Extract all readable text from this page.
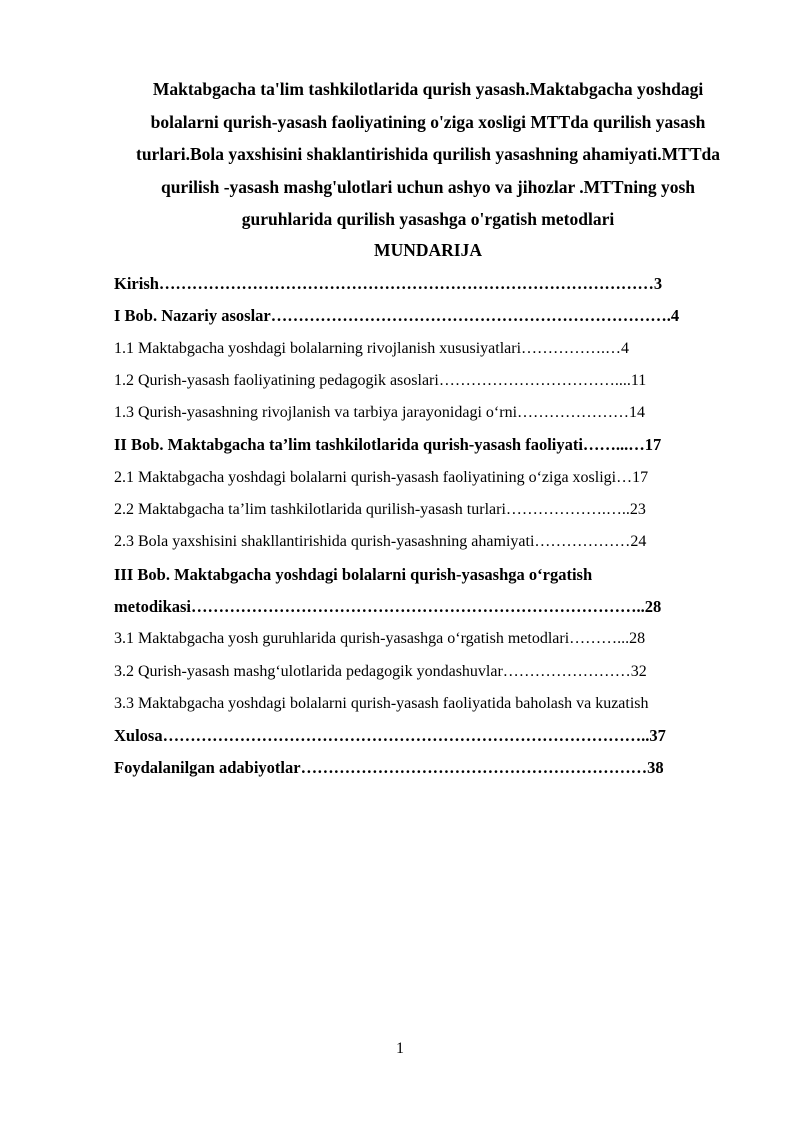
Maktabgacha ta'lim tashkilotlarida qurish yasash.Maktabgacha yoshdagi
bolalarni qurish-yasash faoliyatining o'ziga xosligi MTTda qurilish yasash
turlari.Bola yaxshisini shaklantirishida qurilish yasashning ahamiyati.MTTda
qurilish -yasash mashg'ulotlari uchun ashyo va jihozlar .MTTning yosh
guruhlarida qurilish yasashga o'rgatish metodlari
MUNDARIJA
Kirish………………………………………………………………………………3
I Bob. Nazariy asoslar……………………………………………………………….4
1.1 Maktabgacha yoshdagi bolalarning rivojlanish xususiyatlari…………….…4
1.2 Qurish-yasash faoliyatining pedagogik asoslari……………………………....11
1.3 Qurish-yasashning rivojlanish va tarbiya jarayonidagi o‘rni…………………14
II Bob. Maktabgacha ta’lim tashkilotlarida qurish-yasash faoliyati……...…17
2.1 Maktabgacha yoshdagi bolalarni qurish-yasash faoliyatining o‘ziga xosligi…17
2.2 Maktabgacha ta’lim tashkilotlarida qurilish-yasash turlari……………….…..23
2.3 Bola yaxshisini shakllantirishida qurish-yasashning ahamiyati………………24
III Bob. Maktabgacha yoshdagi bolalarni qurish-yasashga o‘rgatish
metodikasi………………………………………………………………………..28
3.1 Maktabgacha yosh guruhlarida qurish-yasashga o‘rgatish metodlari………...28
3.2 Qurish-yasash mashg‘ulotlarida pedagogik yondashuvlar……………………32
3.3 Maktabgacha yoshdagi bolalarni qurish-yasash faoliyatida baholash va kuzatish
Xulosa……………………………………………………………………………..37
Foydalanilgan adabiyotlar………………………………………………………38
1
